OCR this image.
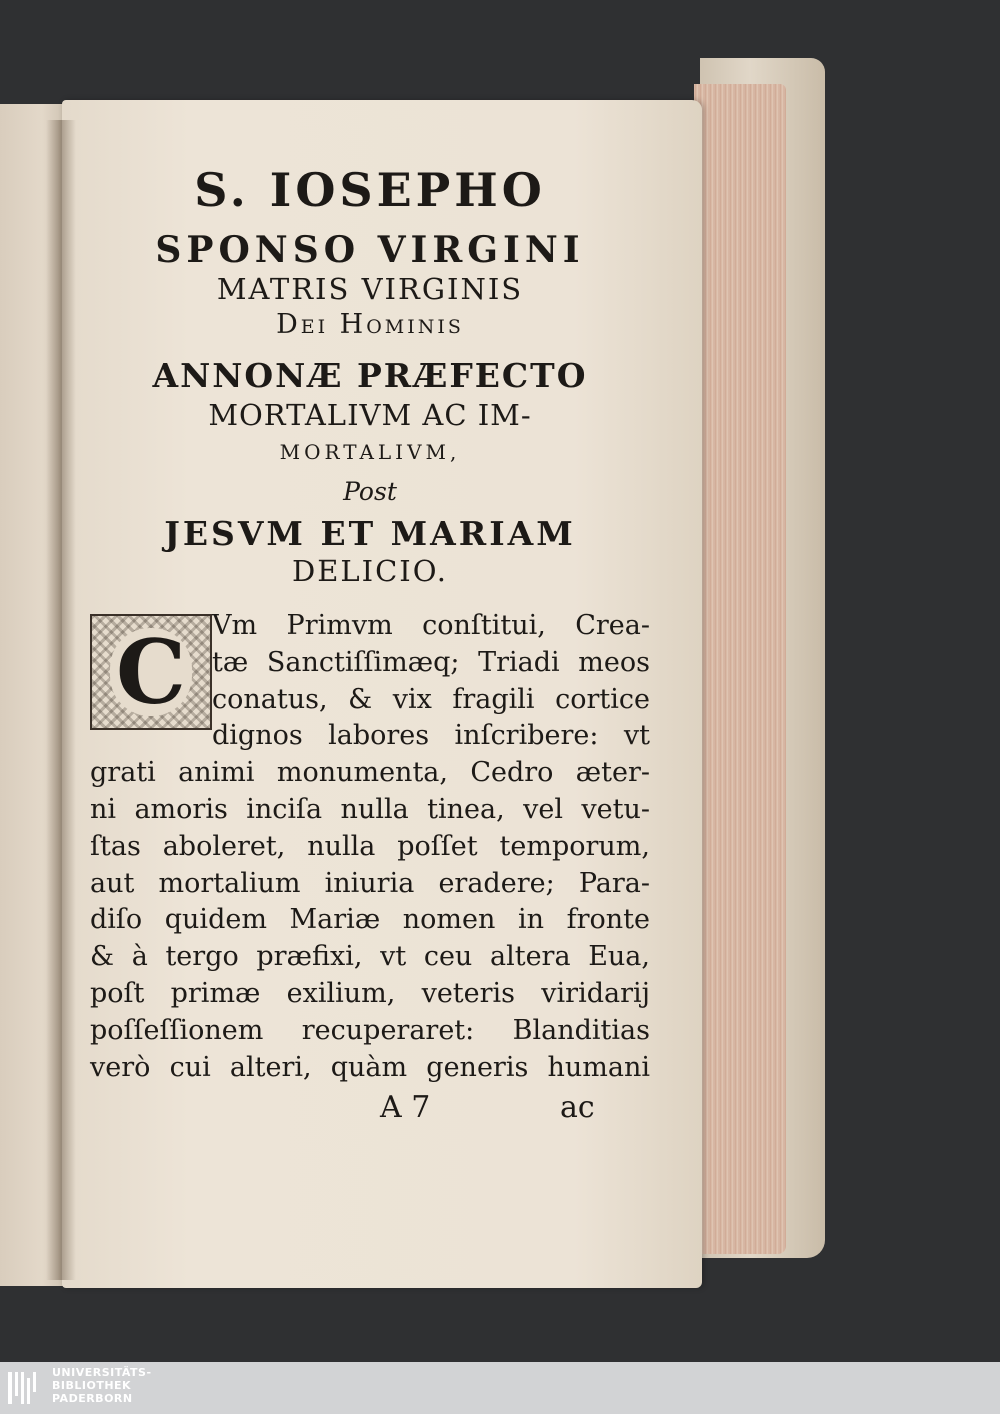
S. IOSEPHO
SPONSO VIRGINI
MATRIS VIRGINIS
Dei Hominis
ANNONÆ PRÆFECTO
MORTALIVM AC IM-
MORTALIVM,
Post
JESVM ET MARIAM
DELICIO.
C Vm Primvm conſtitui, Crea-
tæ Sanctiſſimæq; Triadi meos
conatus, & vix fragili cortice
dignos labores inſcribere: vt
grati animi monumenta, Cedro æter-
ni amoris inciſa nulla tinea, vel vetu-
ſtas aboleret, nulla poſſet temporum,
aut mortalium iniuria eradere; Para-
diſo quidem Mariæ nomen in fronte
& à tergo præfixi, vt ceu altera Eua,
poſt primæ exilium, veteris viridarij
poſſeſſionem recuperaret: Blanditias
verò cui alteri, quàm generis humani
A 7	ac
UNIVERSITÄTS-
BIBLIOTHEK
PADERBORN
